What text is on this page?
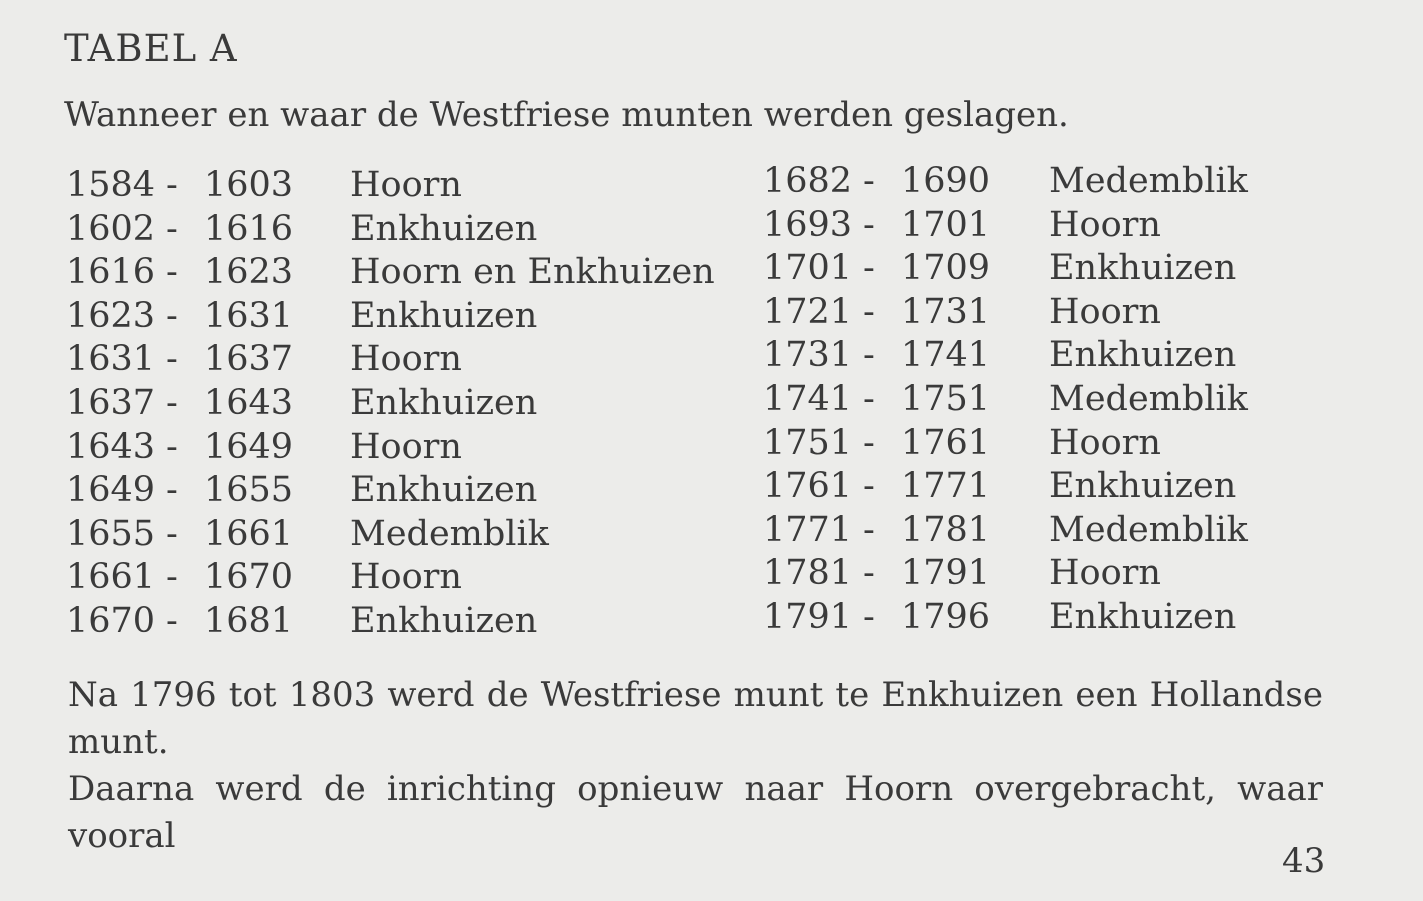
TABEL A
Wanneer en waar de Westfriese munten werden geslagen.
1584 - 1603 Hoorn
1602 - 1616 Enkhuizen
1616 - 1623 Hoorn en Enkhuizen
1623 - 1631 Enkhuizen
1631 - 1637 Hoorn
1637 - 1643 Enkhuizen
1643 - 1649 Hoorn
1649 - 1655 Enkhuizen
1655 - 1661 Medemblik
1661 - 1670 Hoorn
1670 - 1681 Enkhuizen
1682 - 1690 Medemblik
1693 - 1701 Hoorn
1701 - 1709 Enkhuizen
1721 - 1731 Hoorn
1731 - 1741 Enkhuizen
1741 - 1751 Medemblik
1751 - 1761 Hoorn
1761 - 1771 Enkhuizen
1771 - 1781 Medemblik
1781 - 1791 Hoorn
1791 - 1796 Enkhuizen

Na 1796 tot 1803 werd de Westfriese munt te Enkhuizen een Hollandse

munt.

Daarna werd de inrichting opnieuw naar Hoorn overgebracht, waar vooral

43
